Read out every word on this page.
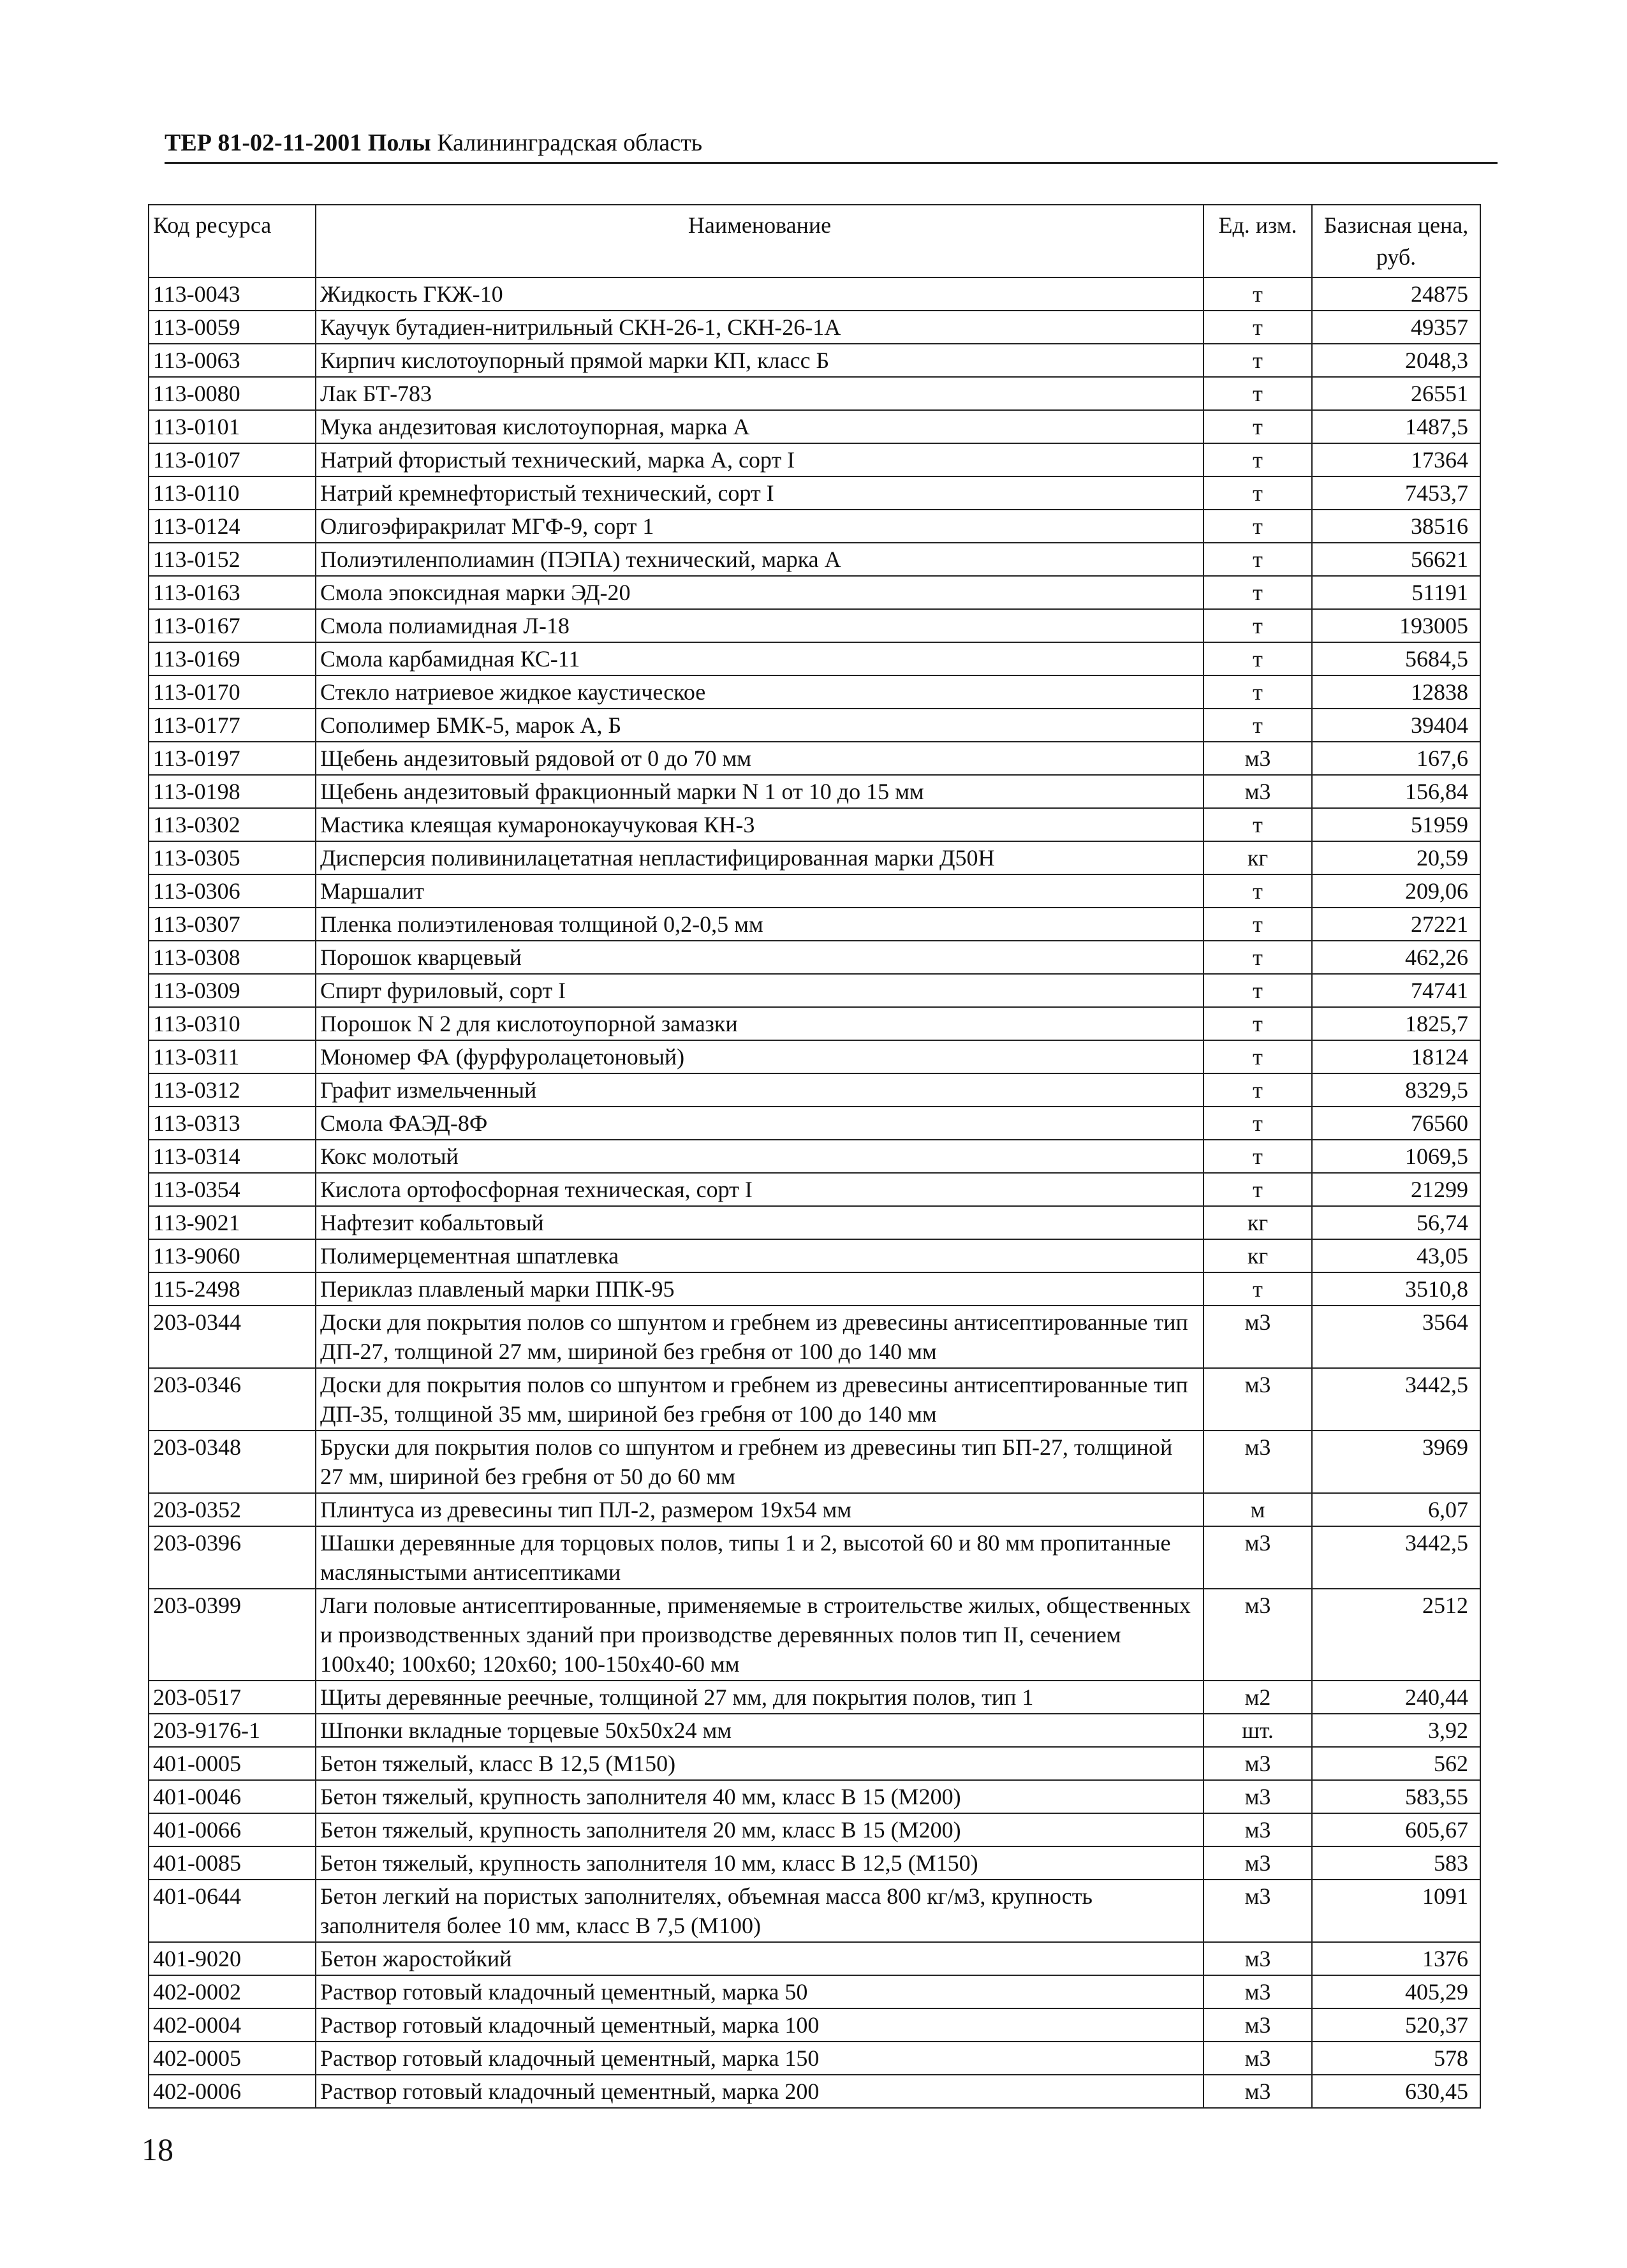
ТЕР 81-02-11-2001 Полы Калининградская область
Код ресурса	Наименование	Ед. изм.	Базисная цена, руб.
113-0043	Жидкость ГКЖ-10	т	24875
113-0059	Каучук бутадиен-нитрильный СКН-26-1, СКН-26-1А	т	49357
113-0063	Кирпич кислотоупорный прямой марки КП, класс Б	т	2048,3
113-0080	Лак БТ-783	т	26551
113-0101	Мука андезитовая кислотоупорная, марка А	т	1487,5
113-0107	Натрий фтористый технический, марка А, сорт I	т	17364
113-0110	Натрий кремнефтористый технический, сорт I	т	7453,7
113-0124	Олигоэфиракрилат МГФ-9, сорт 1	т	38516
113-0152	Полиэтиленполиамин (ПЭПА) технический, марка А	т	56621
113-0163	Смола эпоксидная марки ЭД-20	т	51191
113-0167	Смола полиамидная Л-18	т	193005
113-0169	Смола карбамидная КС-11	т	5684,5
113-0170	Стекло натриевое жидкое каустическое	т	12838
113-0177	Сополимер БМК-5, марок А, Б	т	39404
113-0197	Щебень андезитовый рядовой от 0 до 70 мм	м3	167,6
113-0198	Щебень андезитовый фракционный марки N 1 от 10 до 15 мм	м3	156,84
113-0302	Мастика клеящая кумаронокаучуковая КН-3	т	51959
113-0305	Дисперсия поливинилацетатная непластифицированная марки Д50Н	кг	20,59
113-0306	Маршалит	т	209,06
113-0307	Пленка полиэтиленовая толщиной 0,2-0,5 мм	т	27221
113-0308	Порошок кварцевый	т	462,26
113-0309	Спирт фуриловый, сорт I	т	74741
113-0310	Порошок N 2 для кислотоупорной замазки	т	1825,7
113-0311	Мономер ФА (фурфуролацетоновый)	т	18124
113-0312	Графит измельченный	т	8329,5
113-0313	Смола ФАЭД-8Ф	т	76560
113-0314	Кокс молотый	т	1069,5
113-0354	Кислота ортофосфорная техническая, сорт I	т	21299
113-9021	Нафтезит кобальтовый	кг	56,74
113-9060	Полимерцементная шпатлевка	кг	43,05
115-2498	Периклаз плавленый марки ППК-95	т	3510,8
203-0344	Доски для покрытия полов со шпунтом и гребнем из древесины антисептированные тип ДП-27, толщиной 27 мм, шириной без гребня от 100 до 140 мм	м3	3564
203-0346	Доски для покрытия полов со шпунтом и гребнем из древесины антисептированные тип ДП-35, толщиной 35 мм, шириной без гребня от 100 до 140 мм	м3	3442,5
203-0348	Бруски для покрытия полов со шпунтом и гребнем из древесины тип БП-27, толщиной 27 мм, шириной без гребня от 50 до 60 мм	м3	3969
203-0352	Плинтуса из древесины тип ПЛ-2, размером 19х54 мм	м	6,07
203-0396	Шашки деревянные для торцовых полов, типы 1 и 2, высотой 60 и 80 мм пропитанные масляныстыми антисептиками	м3	3442,5
203-0399	Лаги половые антисептированные, применяемые в строительстве жилых, общественных и производственных зданий при производстве деревянных полов тип II, сечением 100х40; 100х60; 120х60; 100-150х40-60 мм	м3	2512
203-0517	Щиты деревянные реечные, толщиной 27 мм, для покрытия полов, тип 1	м2	240,44
203-9176-1	Шпонки вкладные торцевые 50х50х24 мм	шт.	3,92
401-0005	Бетон тяжелый, класс В 12,5 (М150)	м3	562
401-0046	Бетон тяжелый, крупность заполнителя 40 мм, класс В 15 (М200)	м3	583,55
401-0066	Бетон тяжелый, крупность заполнителя 20 мм, класс В 15 (М200)	м3	605,67
401-0085	Бетон тяжелый, крупность заполнителя 10 мм, класс В 12,5 (М150)	м3	583
401-0644	Бетон легкий на пористых заполнителях, объемная масса 800 кг/м3, крупность заполнителя более 10 мм, класс В 7,5 (М100)	м3	1091
401-9020	Бетон жаростойкий	м3	1376
402-0002	Раствор готовый кладочный цементный, марка 50	м3	405,29
402-0004	Раствор готовый кладочный цементный, марка 100	м3	520,37
402-0005	Раствор готовый кладочный цементный, марка 150	м3	578
402-0006	Раствор готовый кладочный цементный, марка 200	м3	630,45
18
